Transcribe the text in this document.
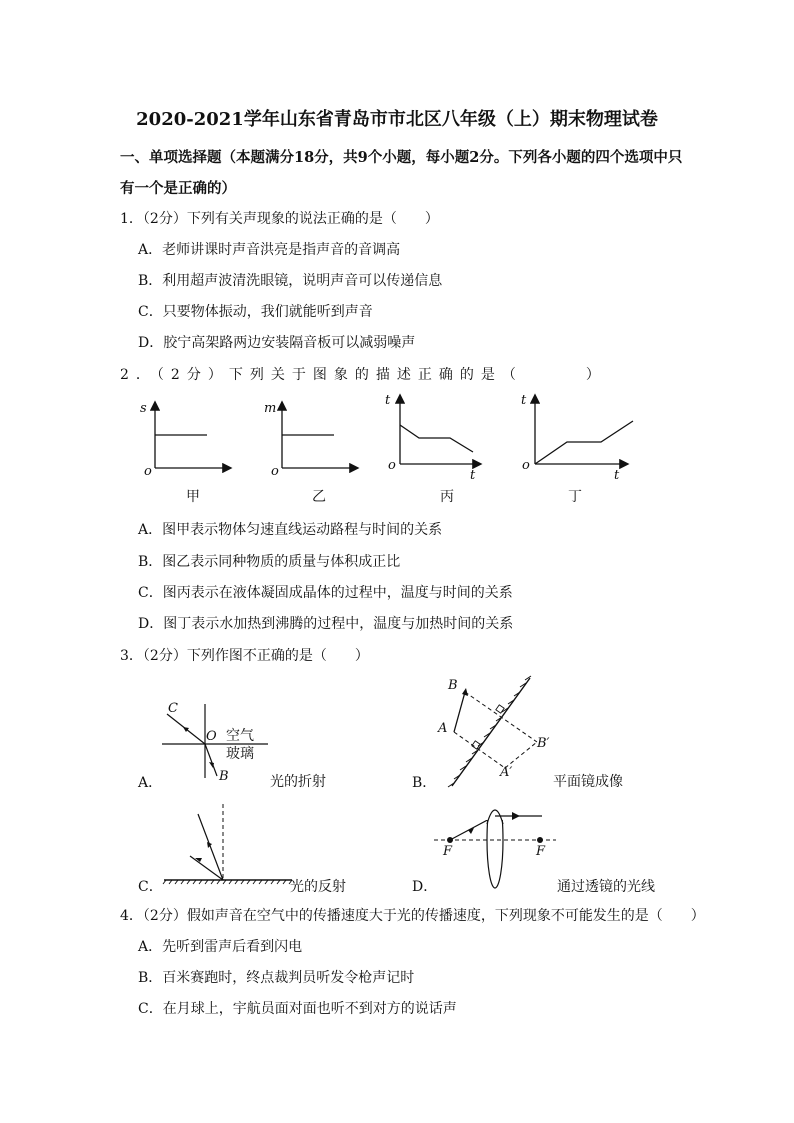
2020-2021学年山东省青岛市市北区八年级（上）期末物理试卷
一、单项选择题（本题满分18分，共9个小题，每小题2分。下列各小题的四个选项中只
有一个是正确的）
1．（2分）下列有关声现象的说法正确的是（　　）
A．老师讲课时声音洪亮是指声音的音调高
B．利用超声波清洗眼镜，说明声音可以传递信息
C．只要物体振动，我们就能听到声音
D．胶宁高架路两边安装隔音板可以减弱噪声
2．（2分）下列关于图象的描述正确的是（　　　）
s
o
甲
m
o
乙
t
o
t
丙
t
o
t
丁
A．图甲表示物体匀速直线运动路程与时间的关系
B．图乙表示同种物质的质量与体积成正比
C．图丙表示在液体凝固成晶体的过程中，温度与时间的关系
D．图丁表示水加热到沸腾的过程中，温度与加热时间的关系
3．（2分）下列作图不正确的是（　　）
C
O
B
空气
玻璃
A．	光的折射
B
A
B′
A′
B．	平面镜成像
C．	光的反射
F	F
D．	通过透镜的光线
4．（2分）假如声音在空气中的传播速度大于光的传播速度，下列现象不可能发生的是（　　）
A．先听到雷声后看到闪电
B．百米赛跑时，终点裁判员听发令枪声记时
C．在月球上，宇航员面对面也听不到对方的说话声
